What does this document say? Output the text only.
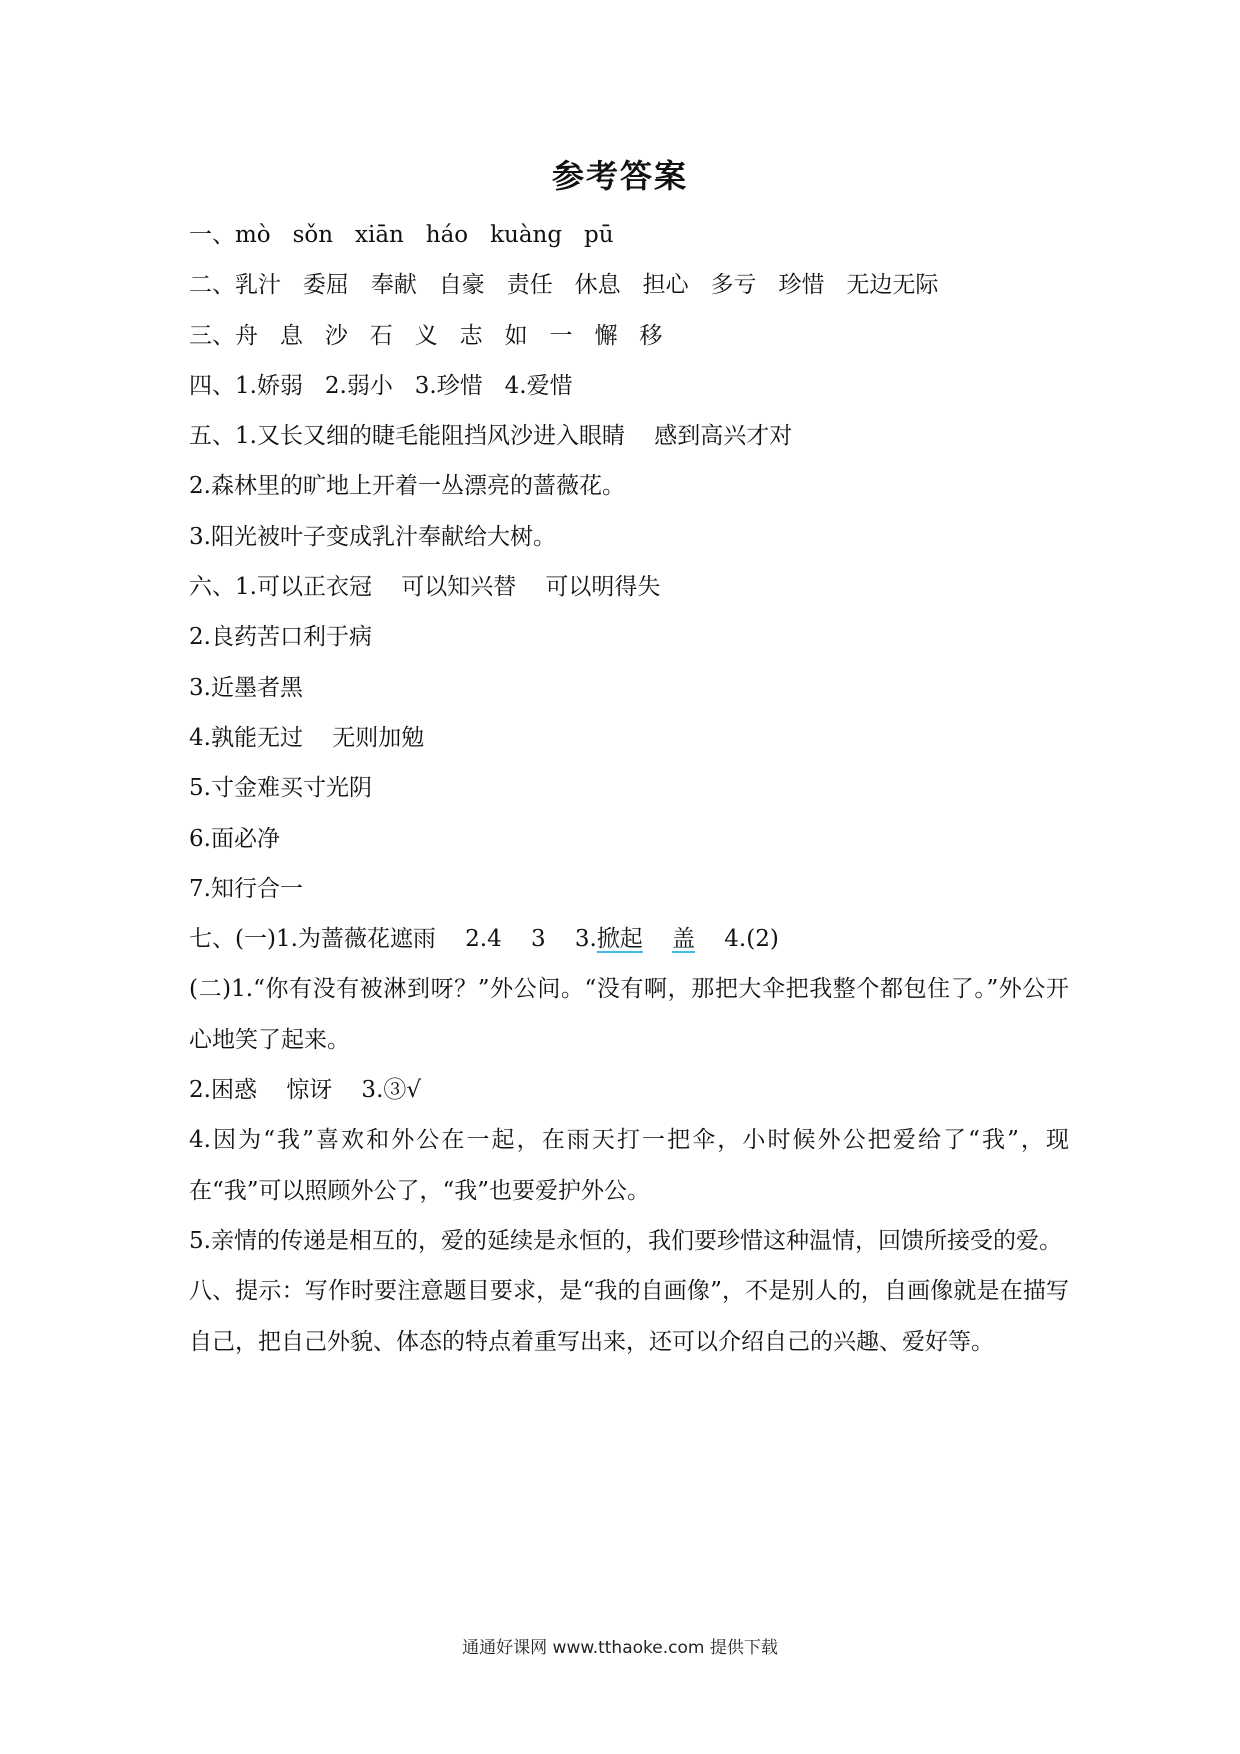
参考答案
一、mò   sǒn   xiān   háo   kuàng   pū
二、乳汁   委屈   奉献   自豪   责任   休息   担心   多亏   珍惜   无边无际
三、舟   息   沙   石   义   志   如   一   懈   移
四、1.娇弱   2.弱小   3.珍惜   4.爱惜
五、1.又长又细的睫毛能阻挡风沙进入眼睛    感到高兴才对
2.森林里的旷地上开着一丛漂亮的蔷薇花。
3.阳光被叶子变成乳汁奉献给大树。
六、1.可以正衣冠    可以知兴替    可以明得失
2.良药苦口利于病
3.近墨者黑
4.孰能无过    无则加勉
5.寸金难买寸光阴
6.面必净
7.知行合一
七、(一)1.为蔷薇花遮雨    2.4    3    3.掀起 盖    4.(2)
(二)1.“你有没有被淋到呀？”外公问。“没有啊，那把大伞把我整个都包住了。”外公开心地笑了起来。
2.困惑    惊讶    3.③√
4.因为“我”喜欢和外公在一起，在雨天打一把伞，小时候外公把爱给了“我”，现在“我”可以照顾外公了，“我”也要爱护外公。
5.亲情的传递是相互的，爱的延续是永恒的，我们要珍惜这种温情，回馈所接受的爱。
八、提示：写作时要注意题目要求，是“我的自画像”，不是别人的，自画像就是在描写自己，把自己外貌、体态的特点着重写出来，还可以介绍自己的兴趣、爱好等。
通通好课网 www.tthaoke.com 提供下载
